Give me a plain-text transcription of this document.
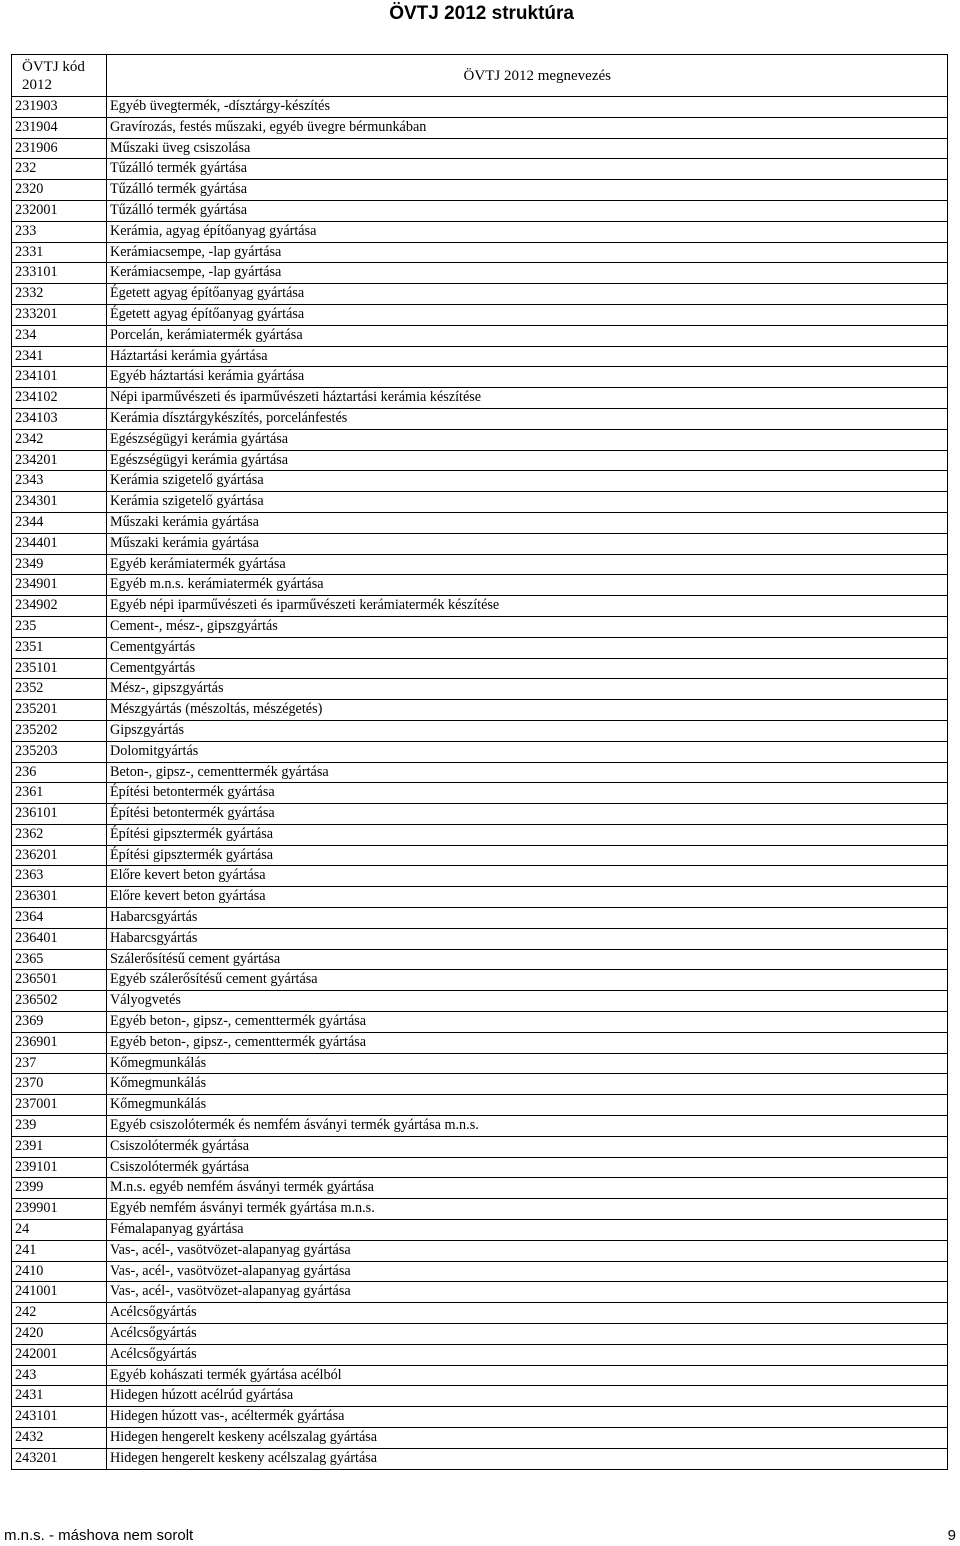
ÖVTJ 2012 struktúra
ÖVTJ kód
2012	ÖVTJ 2012 megnevezés
231903	Egyéb üvegtermék, -dísztárgy-készítés
231904	Gravírozás, festés műszaki, egyéb üvegre bérmunkában
231906	Műszaki üveg csiszolása
232	Tűzálló termék gyártása
2320	Tűzálló termék gyártása
232001	Tűzálló termék gyártása
233	Kerámia, agyag építőanyag gyártása
2331	Kerámiacsempe, -lap gyártása
233101	Kerámiacsempe, -lap gyártása
2332	Égetett agyag építőanyag gyártása
233201	Égetett agyag építőanyag gyártása
234	Porcelán, kerámiatermék gyártása
2341	Háztartási kerámia gyártása
234101	Egyéb háztartási kerámia gyártása
234102	Népi iparművészeti és iparművészeti háztartási kerámia készítése
234103	Kerámia dísztárgykészítés, porcelánfestés
2342	Egészségügyi kerámia gyártása
234201	Egészségügyi kerámia gyártása
2343	Kerámia szigetelő gyártása
234301	Kerámia szigetelő gyártása
2344	Műszaki kerámia gyártása
234401	Műszaki kerámia gyártása
2349	Egyéb kerámiatermék gyártása
234901	Egyéb m.n.s. kerámiatermék gyártása
234902	Egyéb népi iparművészeti és iparművészeti kerámiatermék készítése
235	Cement-, mész-, gipszgyártás
2351	Cementgyártás
235101	Cementgyártás
2352	Mész-, gipszgyártás
235201	Mészgyártás (mészoltás, mészégetés)
235202	Gipszgyártás
235203	Dolomitgyártás
236	Beton-, gipsz-, cementtermék gyártása
2361	Építési betontermék gyártása
236101	Építési betontermék gyártása
2362	Építési gipsztermék gyártása
236201	Építési gipsztermék gyártása
2363	Előre kevert beton gyártása
236301	Előre kevert beton gyártása
2364	Habarcsgyártás
236401	Habarcsgyártás
2365	Szálerősítésű cement gyártása
236501	Egyéb szálerősítésű cement gyártása
236502	Vályogvetés
2369	Egyéb beton-, gipsz-, cementtermék gyártása
236901	Egyéb beton-, gipsz-, cementtermék gyártása
237	Kőmegmunkálás
2370	Kőmegmunkálás
237001	Kőmegmunkálás
239	Egyéb csiszolótermék és nemfém ásványi termék gyártása m.n.s.
2391	Csiszolótermék gyártása
239101	Csiszolótermék gyártása
2399	M.n.s. egyéb nemfém ásványi termék gyártása
239901	Egyéb nemfém ásványi termék gyártása m.n.s.
24	Fémalapanyag gyártása
241	Vas-, acél-, vasötvözet-alapanyag gyártása
2410	Vas-, acél-, vasötvözet-alapanyag gyártása
241001	Vas-, acél-, vasötvözet-alapanyag gyártása
242	Acélcsőgyártás
2420	Acélcsőgyártás
242001	Acélcsőgyártás
243	Egyéb kohászati termék gyártása acélból
2431	Hidegen húzott acélrúd gyártása
243101	Hidegen húzott vas-, acéltermék gyártása
2432	Hidegen hengerelt keskeny acélszalag gyártása
243201	Hidegen hengerelt keskeny acélszalag gyártása
m.n.s. - máshova nem sorolt	9
